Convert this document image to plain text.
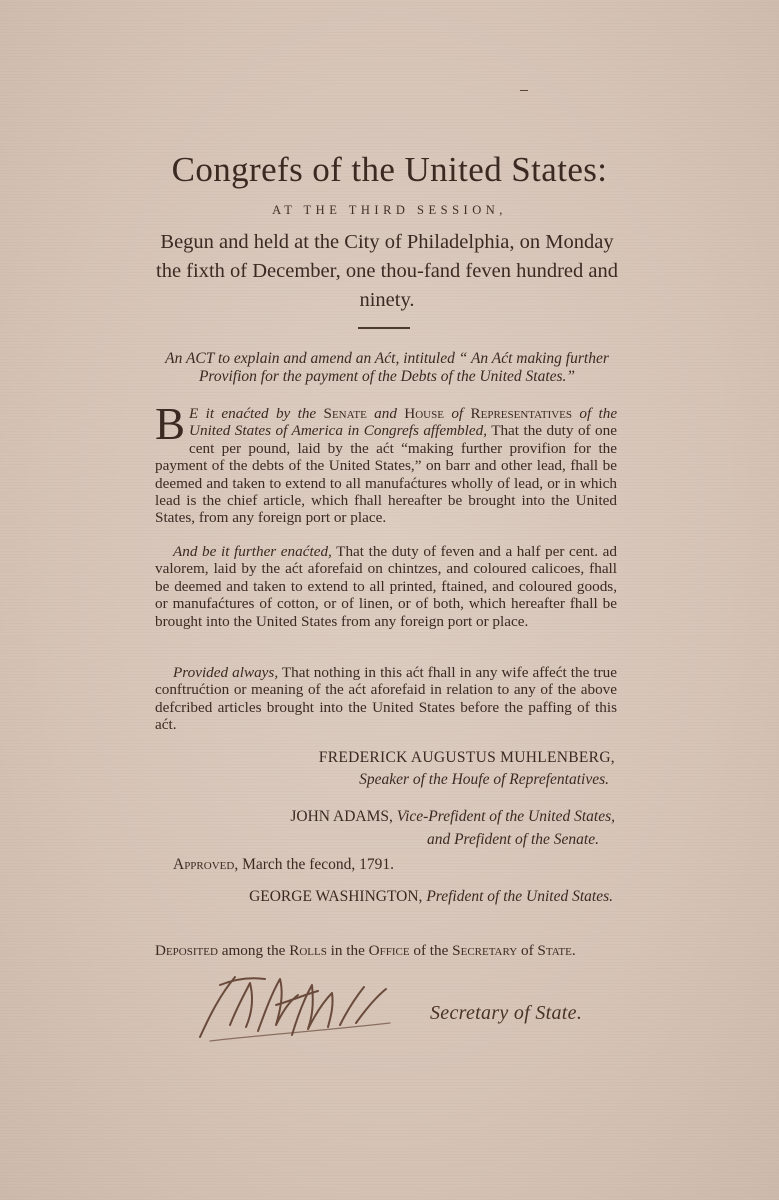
Congrefs of the United States:
AT THE THIRD SESSION,
Begun and held at the City of Philadelphia, on Monday the fixth of December, one thou-fand feven hundred and ninety.
An ACT to explain and amend an Aćt, intituled “ An Aćt making further Provifion for the payment of the Debts of the United States.”
B E it enaćted by the Senate and House of Representatives of the United States of America in Congrefs affembled, That the duty of one cent per pound, laid by the aćt “making further provifion for the payment of the debts of the United States,” on barr and other lead, fhall be deemed and taken to extend to all manufaćtures wholly of lead, or in which lead is the chief article, which fhall hereafter be brought into the United States, from any foreign port or place.
And be it further enaćted, That the duty of feven and a half per cent. ad valorem, laid by the aćt aforefaid on chintzes, and coloured calicoes, fhall be deemed and taken to extend to all printed, ftained, and coloured goods, or manufaćtures of cotton, or of linen, or of both, which hereafter fhall be brought into the United States from any foreign port or place.
Provided always, That nothing in this aćt fhall in any wife affećt the true conftrućtion or meaning of the aćt aforefaid in relation to any of the above defcribed articles brought into the United States before the paffing of this aćt.
FREDERICK AUGUSTUS MUHLENBERG,
Speaker of the Houfe of Reprefentatives.
JOHN ADAMS, Vice-Prefident of the United States,
and Prefident of the Senate.
Approved, March the fecond, 1791.
GEORGE WASHINGTON, Prefident of the United States.
Deposited among the Rolls in the Office of the Secretary of State.
Secretary of State.
